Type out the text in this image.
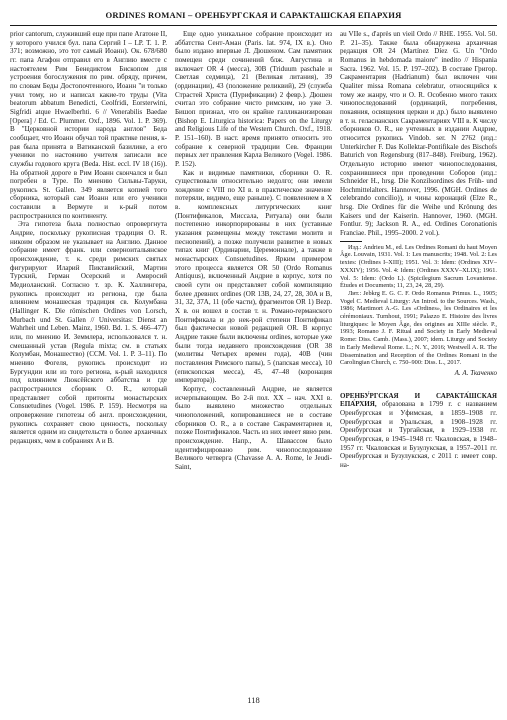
ORDINES ROMANI – ОРЕНБУРГСКАЯ И САРАКТАШСКАЯ ЕПАРХИЯ

prior cantorum, служивший еще при папе Агатоне II, у которого учился бул. папа Сергий I – LP. T. 1. P. 371; возможно, это тот самый Иоанн). Ок. 678/680 гг. папа Агафон отправил его в Англию вместе с настоятелем Рим Бенедиктом Бископом для устроения богослужения по рим. обряду, причем, по словам Беды Достопочтенного, Иоанн "и только учил тому, но и написал какие-то труды (Vita beatorum abbatum Benedicti, Ceolfridi, Eorsterwini, Sigfridi atque Hwaelberhti. 6 // Venerabilis Baedae [Opera] / Ed. C. Plummer. Oxf., 1896. Vol. 1. P. 369). В "Церковной истории народа англов" Беда сообщает, что Иоанн обучал той практике пения, к-рая была принята в Ватиканской базилике, а его ученики по настоянию учителя записали все службы годового круга (Beda. Hist. eccl. IV 18 (16)). На обратной дороге в Рим Иоанн скончался и был погребен в Туре. По мнению Сильвы-Таруки, рукопись St. Gallen. 349 является копией того сборника, который сам Иоанн или его ученики составили в Вермуте и к-рый потом распространился по континенту.

Эта гипотеза была полностью опровергнута Андрие, поскольку рукописная традиция О. R. никоим образом не указывает на Англию. Данное собрание имеет франк. или северноитальянское происхождение, т. к. среди римских святых фигурируют Иларий Пиктавийский, Мартин Турский, Герман Осерский и Амвросий Медиоланский. Согласно т. зр. К. Халлингера, рукопись происходит из региона, где была влиянием монашеская традиция св. Колумбана (Hallinger K. Die römischen Ordines von Lorsch, Murbach und St. Gallen // Universitas: Dienst an Wahrheit und Leben. Mainz, 1960. Bd. 1. S. 466–477) или, по мнению И. Земмлера, использовался т. н. смешанный устав (Regula mixta; см. в статьях Колумбан, Монашество) (CCM. Vol. 1. P. 3–11). По мнению Фогеля, рукопись происходит из Бургундии или из того региона, к-рый находился под влиянием Люксёйского аббатства и где распространился сборник О. R., который представляет собой притонты монастырских Consuetudines (Vogel. 1986. P. 159). Несмотря на опровержение гипотезы об англ. происхождении, рукопись сохраняет свою ценность, поскольку является одним из свидетельств о более архаичных редакциях, чем в собраниях A и B.

Еще одно уникальное собрание происходит из аббатства Сент-Аман (Paris. lat. 974, IX в.). Оно было издано впервые Л. Дюшеном. Сам памятник помещен среди сочинений блж. Августина и включает OR 4 (месса), 30B (Triduum paschale и Светлая седмица), 21 (Великая литания), 39 (ординации), 43 (положение реликвий), 29 (служба Страстей Христа (Пурификации) 2 февр.). Дюшен считал это собрание чисто римским, но уже Э. Бишоп признал, что он крайне галликанизирован (Bishop E. Liturgica historica: Papers on the Liturgy and Religious Life of the Western Church. Oxf., 1918. P. 151–160). В наст. время принято относить это собрание к северной традиции Сев. Франции первых лет правления Карла Великого (Vogel. 1986. P. 152).

Как и видимые памятники, сборники О. R. существовали относительно недолго; они имели хождение с VIII по XI в. в практическое значение потеряли, видимо, еще раньше). С появлением в X в. комплексных литургических книг (Понтификалов, Миссала, Ритуала) они были постепенно инкорпорированы в них (уставные указания размещены между текстами молитв и песнопений), а позже получили развитие в новых типах книг (Ординарии, Церемониале), а также в монастырских Consuetudines. Ярким примером этого процесса является OR 50 (Ordo Romanus Antiquus), включенный Андрие в корпус, хотя по своей сути он представляет собой компиляцию более древних ordines (OR 13B, 24, 27, 28, 30A и B, 31, 32, 37A, 11 (обе части), фрагментов OR 1) Bezp. X в. он вошел в состав т. н. Романо-германского Понтификала и до нек-рой степени Понтификал был фактически новой редакцией OR. В корпус Андрие также были включены ordines, которые уже были тогда недавнего происхождения (OR 38 (молитвы Четырех времен года), 40B (чин поставления Римского папы), 5 (папская месса), 10 (епископская месса), 45, 47–48 (коронация императора)).

Корпус, составленный Андрие, не является исчерпывающим. Во 2-й пол. XX – нач. XXI в. было выявлено множество отдельных чиноположений, копировавшиеся не в составе сборников О. R., а в составе Сакраментариев и, позже Понтификалов. Часть из них имеет явно рим. происхождение. Напр., А. Шавассом было идентифицировано рим. чинопоследование Великого четверга (Chavasse A. A. Rome, le Jeudi-Saint,

au VIIe s., d'après un vieil Ordo // RHE. 1955. Vol. 50. P. 21–35). Также была обнаружена архаичная редакция OR 24 (Martínez Díez G. Un "Ordo Romanus in hebdomada maiore" inedito // Hispania Sacra. 1962. Vol. 15. P. 197–202). В составе Григор. Сакраментария (Hadrianum) был включен чин Qualiter missa Romana celebratur, относящийся к тому же жанру, что и О. R. Особенно много таких чинопоследований (ординаций, погребения, покаяния, освящения церкви и др.) было выявлено в т. н. геласианских Сакраментариях VIII в. К числу сборников О. R., не учтенных в издании Андрие, относится рукопись Vindob. ser. N 2762 (изд.: Unterkircher F. Das Kollektar-Pontifikale des Bischofs Baturich von Regensburg (817–848). Freiburg, 1962). Отдельную историю имеют чинопоследования, сохранившиеся при проведении Соборов (изд.: Schneider H., hrsg. Die Konzilsordines des Früh- und Hochmittelalters. Hannover, 1996. (MGH. Ordines de celebrando concilio)), и чины коронаций (Elze R., hrsg. Die Ordines für die Weihe und Krönung des Kaisers und der Kaiserin. Hannover, 1960. (MGH. Fontlur. 9); Jackson R. A., ed. Ordines Coronationis Franciae. Phil., 1995–2000. 2 vol.).

Изд.: Andrieu M., ed. Les Ordines Romani du haut Moyen Âge. Louvain, 1931. Vol. 1: Les manuscrits; 1948. Vol. 2: Les textes: (Ordines I–XIII); 1951. Vol. 3: Idem: (Ordines XIV–XXXIV); 1956. Vol. 4: Idem: (Ordines XXXV–XLIX); 1961. Vol. 5: Idem: (Ordo L). (Spicilegium Sacrum Lovaniense. Études et Documents; 11, 23, 24, 28, 29).

Лит.: Jebkrg E. G. C. F. Ordo Romanus Primus. L., 1905; Vogel C. Medieval Liturgy: An Introd. to the Sources. Wash., 1986; Martimort A.-G. Les «Ordines», les Ordinaires et les cérémoniaux. Turnhout, 1991; Palazzo E. Histoire des livres liturgiques: le Moyen Âge, des origines au XIIIe siècle. P., 1993; Romano J. F. Ritual and Society in Early Medieval Rome: Diss. Camb. (Mass.), 2007; idem. Liturgy and Society in Early Medieval Rome. L.; N. Y., 2016; Westwell A. R. The Dissemination and Reception of the Ordines Romani in the Carolingian Church, c. 750–900: Diss. L., 2017.

А. А. Ткаченко

ОРЕНБУ́РГСКАЯ И САРАКТА́ШСКАЯ ЕПА́РХИЯ, образована в 1799 г. с названием Оренбургская и Уфимская, в 1859–1908 гг. Оренбургская и Уральская, в 1908–1928 гг. Оренбургская и Тургайская, в 1929–1938 гг. Оренбургская, в 1945–1948 гг. Чкаловская, в 1948–1957 гг. Чкаловская и Бузулукская, в 1957–2011 гг. Оренбургская и Бузулукская, с 2011 г. имеет совр. на-

118
